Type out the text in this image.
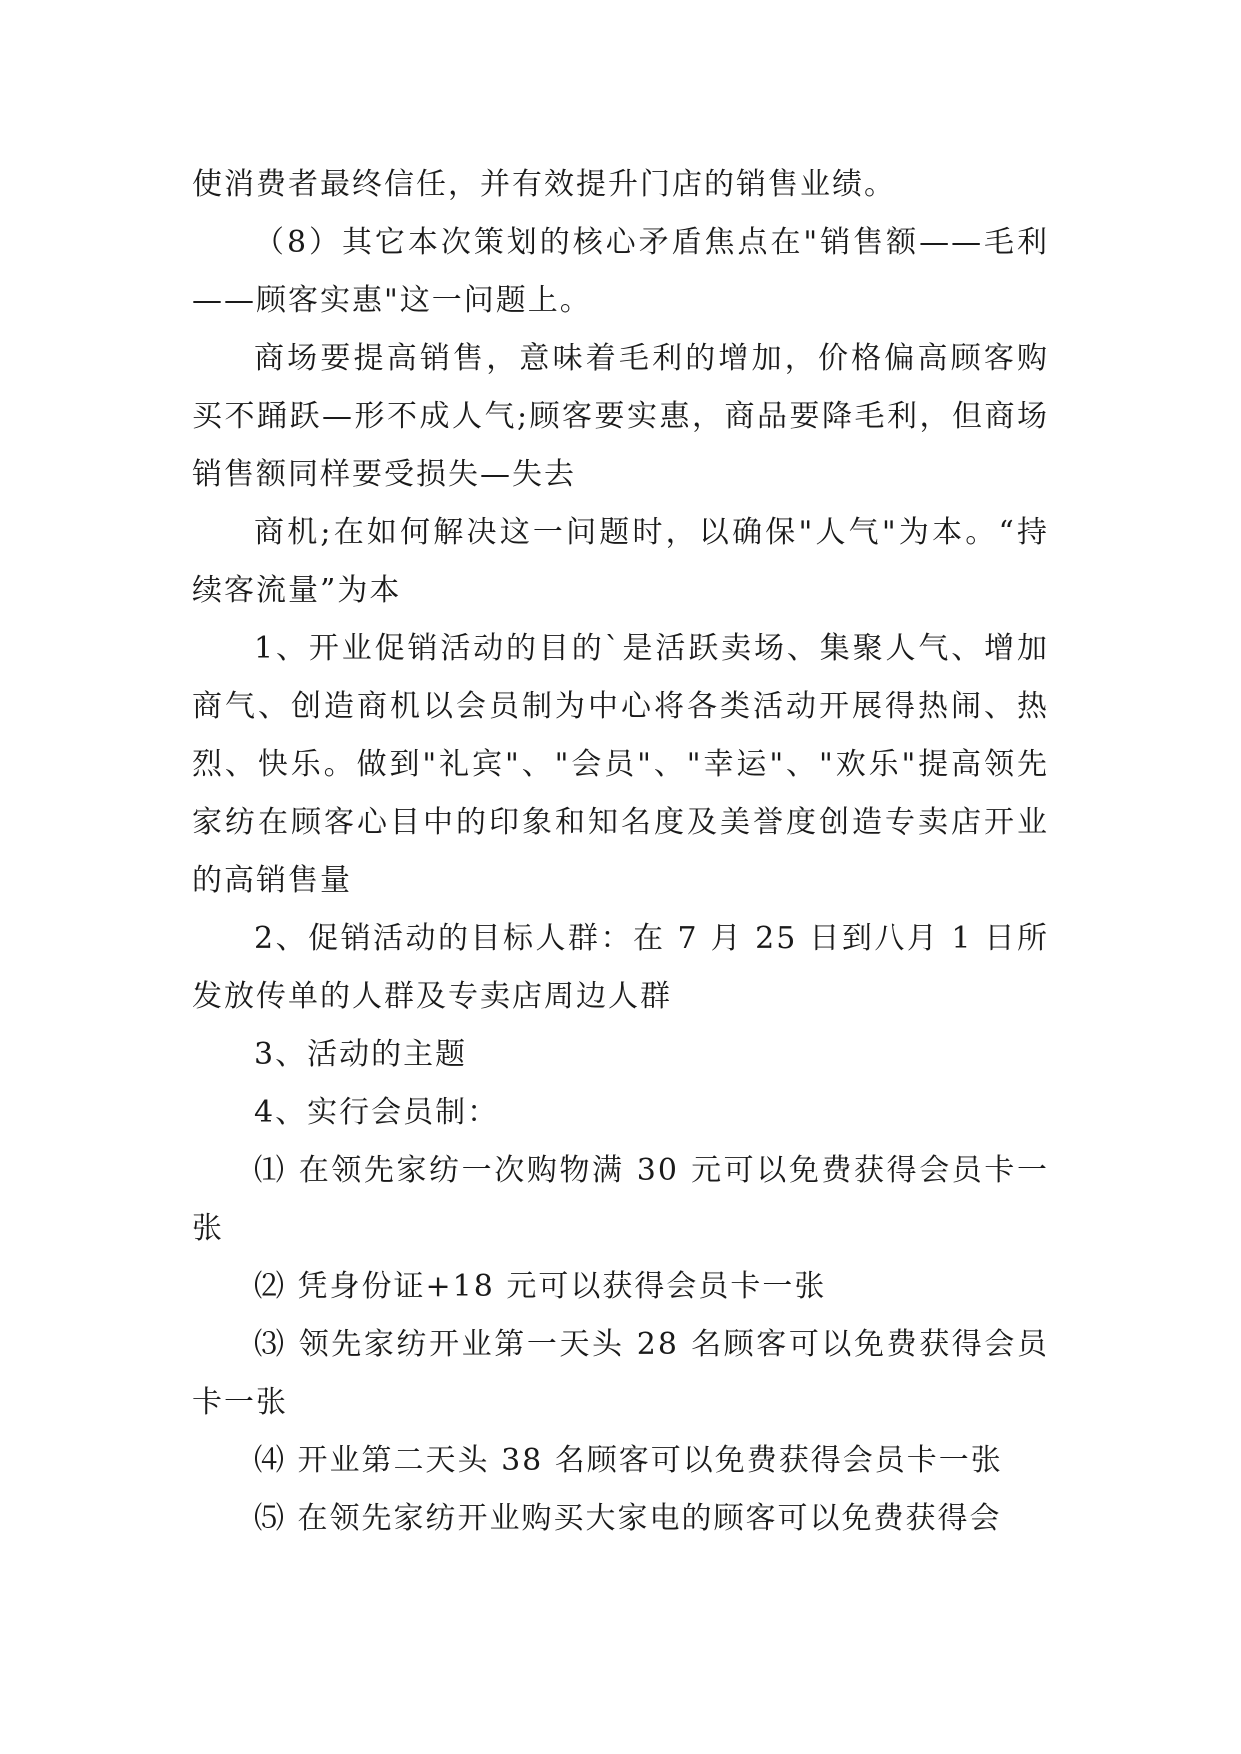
使消费者最终信任，并有效提升门店的销售业绩。

（8）其它本次策划的核心矛盾焦点在"销售额——毛利——顾客实惠"这一问题上。

商场要提高销售，意味着毛利的增加，价格偏高顾客购买不踊跃—形不成人气;顾客要实惠，商品要降毛利，但商场销售额同样要受损失—失去

商机;在如何解决这一问题时，以确保"人气"为本。“持续客流量”为本

1、开业促销活动的目的`是活跃卖场、集聚人气、增加商气、创造商机以会员制为中心将各类活动开展得热闹、热烈、快乐。做到"礼宾"、"会员"、"幸运"、"欢乐"提高领先家纺在顾客心目中的印象和知名度及美誉度创造专卖店开业的高销售量

2、促销活动的目标人群：在 7 月 25 日到八月 1 日所发放传单的人群及专卖店周边人群

3、活动的主题

4、实行会员制：

⑴ 在领先家纺一次购物满 30 元可以免费获得会员卡一张

⑵ 凭身份证+18 元可以获得会员卡一张

⑶ 领先家纺开业第一天头 28 名顾客可以免费获得会员卡一张

⑷ 开业第二天头 38 名顾客可以免费获得会员卡一张

⑸ 在领先家纺开业购买大家电的顾客可以免费获得会
